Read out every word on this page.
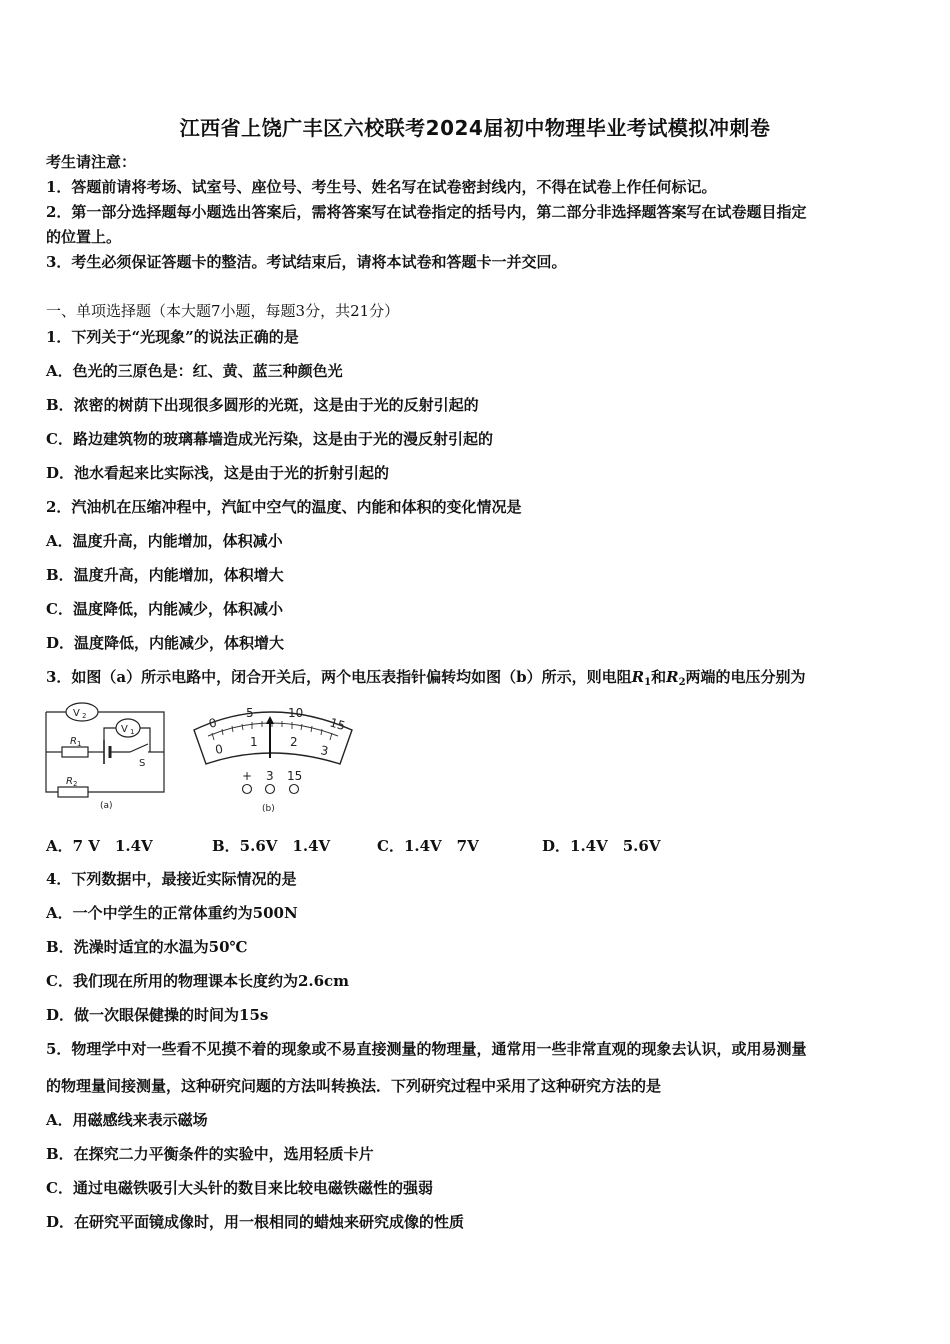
江西省上饶广丰区六校联考2024届初中物理毕业考试模拟冲刺卷
考生请注意：
1．答题前请将考场、试室号、座位号、考生号、姓名写在试卷密封线内，不得在试卷上作任何标记。
2．第一部分选择题每小题选出答案后，需将答案写在试卷指定的括号内，第二部分非选择题答案写在试卷题目指定
的位置上。
3．考生必须保证答题卡的整洁。考试结束后，请将本试卷和答题卡一并交回。
一、单项选择题（本大题7小题，每题3分，共21分）
1．下列关于“光现象”的说法正确的是
A．色光的三原色是：红、黄、蓝三种颜色光
B．浓密的树荫下出现很多圆形的光斑，这是由于光的反射引起的
C．路边建筑物的玻璃幕墙造成光污染，这是由于光的漫反射引起的
D．池水看起来比实际浅，这是由于光的折射引起的
2．汽油机在压缩冲程中，汽缸中空气的温度、内能和体积的变化情况是
A．温度升高，内能增加，体积减小
B．温度升高，内能增加，体积增大
C．温度降低，内能减少，体积减小
D．温度降低，内能减少，体积增大
3．如图（a）所示电路中，闭合开关后，两个电压表指针偏转均如图（b）所示，则电阻$R_1$和$R_2$两端的电压分别为
V 2
V 1
R 1
R 2
S
(a)
0
5	10
15
0 1	2
3
+ 3 15
(b)
A．7 V　1.4V	B．5.6V　1.4V	C．1.4V　7V	D．1.4V　5.6V
4．下列数据中，最接近实际情况的是
A．一个中学生的正常体重约为500N
B．洗澡时适宜的水温为50℃
C．我们现在所用的物理课本长度约为2.6cm
D．做一次眼保健操的时间为15s
5．物理学中对一些看不见摸不着的现象或不易直接测量的物理量，通常用一些非常直观的现象去认识，或用易测量
的物理量间接测量，这种研究问题的方法叫转换法．下列研究过程中采用了这种研究方法的是
A．用磁感线来表示磁场
B．在探究二力平衡条件的实验中，选用轻质卡片
C．通过电磁铁吸引大头针的数目来比较电磁铁磁性的强弱
D．在研究平面镜成像时，用一根相同的蜡烛来研究成像的性质
